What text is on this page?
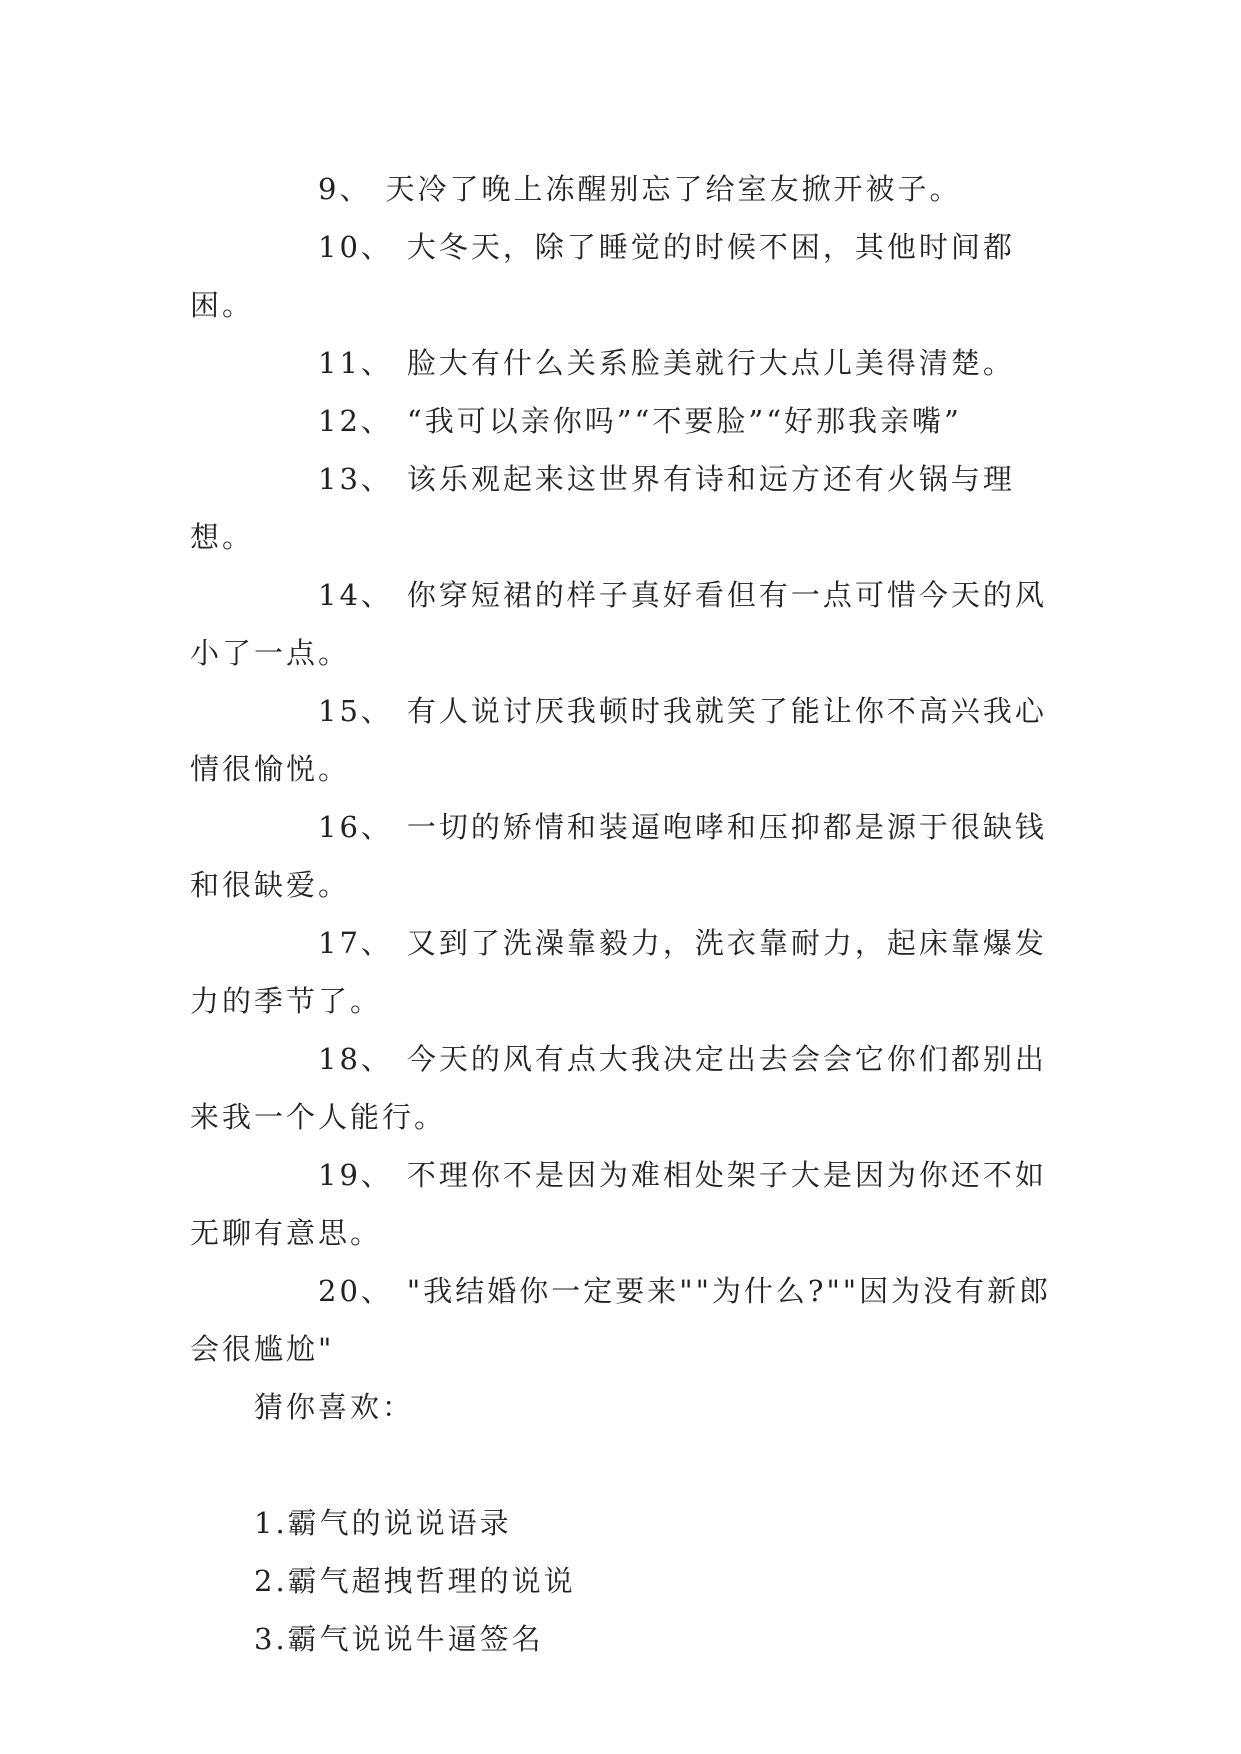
9、 天冷了晚上冻醒别忘了给室友掀开被子。

10、 大冬天，除了睡觉的时候不困，其他时间都困。

11、 脸大有什么关系脸美就行大点儿美得清楚。

12、 “我可以亲你吗”“不要脸”“好那我亲嘴”

13、 该乐观起来这世界有诗和远方还有火锅与理想。

14、 你穿短裙的样子真好看但有一点可惜今天的风小了一点。

15、 有人说讨厌我顿时我就笑了能让你不高兴我心情很愉悦。

16、 一切的矫情和装逼咆哮和压抑都是源于很缺钱和很缺爱。

17、 又到了洗澡靠毅力，洗衣靠耐力，起床靠爆发力的季节了。

18、 今天的风有点大我决定出去会会它你们都别出来我一个人能行。

19、 不理你不是因为难相处架子大是因为你还不如无聊有意思。

20、 "我结婚你一定要来""为什么?""因为没有新郎会很尴尬"

猜你喜欢：

1.霸气的说说语录
2.霸气超拽哲理的说说
3.霸气说说牛逼签名
